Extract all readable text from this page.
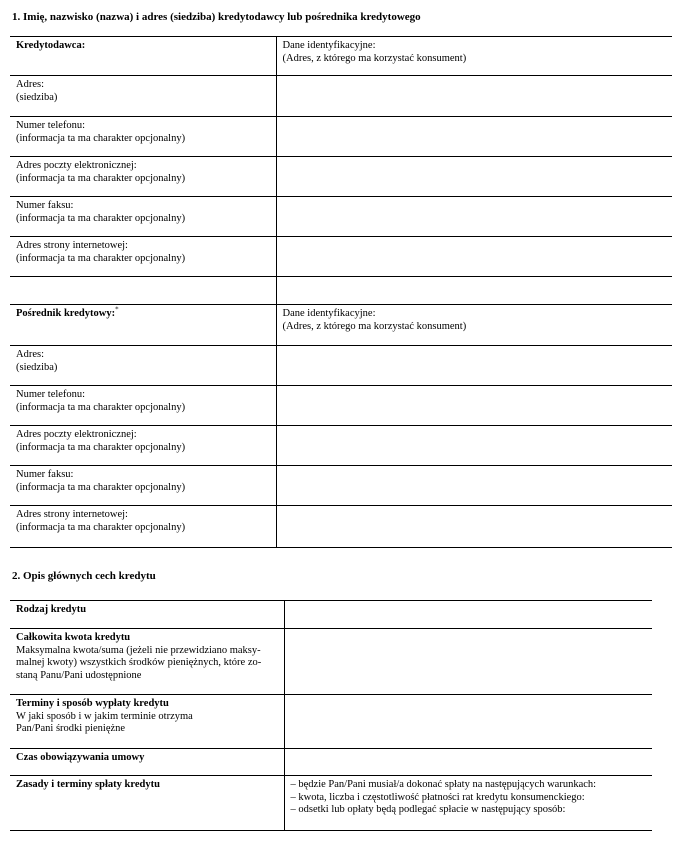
1. Imię, nazwisko (nazwa) i adres (siedziba) kredytodawcy lub pośrednika kredytowego
Kredytodawca:	Dane identyfikacyjne:
(Adres, z którego ma korzystać konsument)

Adres:
(siedziba)	

Numer telefonu:
(informacja ta ma charakter opcjonalny)	

Adres poczty elektronicznej:
(informacja ta ma charakter opcjonalny)	

Numer faksu:
(informacja ta ma charakter opcjonalny)	

Adres strony internetowej:
(informacja ta ma charakter opcjonalny)	

Pośrednik kredytowy:*	Dane identyfikacyjne:
(Adres, z którego ma korzystać konsument)

Adres:
(siedziba)	

Numer telefonu:
(informacja ta ma charakter opcjonalny)	

Adres poczty elektronicznej:
(informacja ta ma charakter opcjonalny)	

Numer faksu:
(informacja ta ma charakter opcjonalny)	

Adres strony internetowej:
(informacja ta ma charakter opcjonalny)	

2. Opis głównych cech kredytu
Rodzaj kredytu	

Całkowita kwota kredytu
Maksymalna kwota/suma (jeżeli nie przewidziano maksy-
malnej kwoty) wszystkich środków pieniężnych, które zo-
staną Panu/Pani udostępnione	

Terminy i sposób wypłaty kredytu
W jaki sposób i w jakim terminie otrzyma
Pan/Pani środki pieniężne	

Czas obowiązywania umowy	
Zasady i terminy spłaty kredytu	– będzie Pan/Pani musiał/a dokonać spłaty na następujących warunkach:
– kwota, liczba i częstotliwość płatności rat kredytu konsumenckiego:
– odsetki lub opłaty będą podlegać spłacie w następujący sposób:
